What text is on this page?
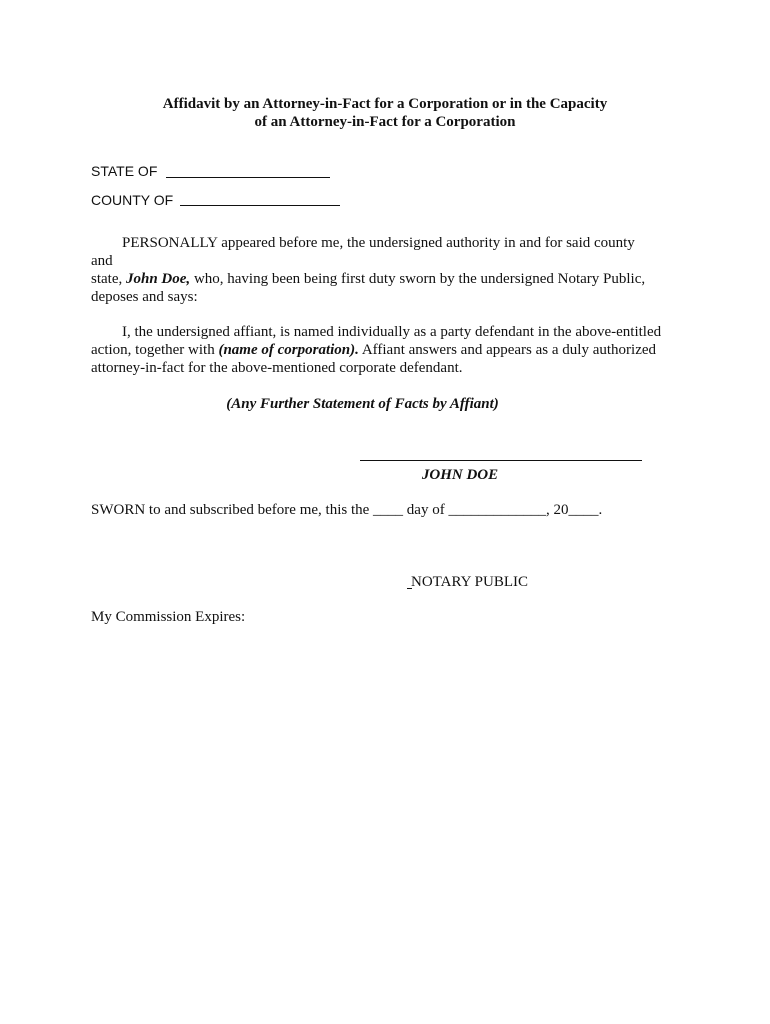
Affidavit by an Attorney-in-Fact for a Corporation or in the Capacity
of an Attorney-in-Fact for a Corporation
STATE OF
COUNTY OF
PERSONALLY appeared before me, the undersigned authority in and for said county
and
state, John Doe, who, having been being first duty sworn by the undersigned Notary Public,
deposes and says:
I, the undersigned affiant, is named individually as a party defendant in the above-entitled
action, together with (name of corporation). Affiant answers and appears as a duly authorized
attorney-in-fact for the above-mentioned corporate defendant.
(Any Further Statement of Facts by Affiant)
JOHN DOE
SWORN to and subscribed before me, this the ____ day of _____________, 20____.
NOTARY PUBLIC
My Commission Expires:
